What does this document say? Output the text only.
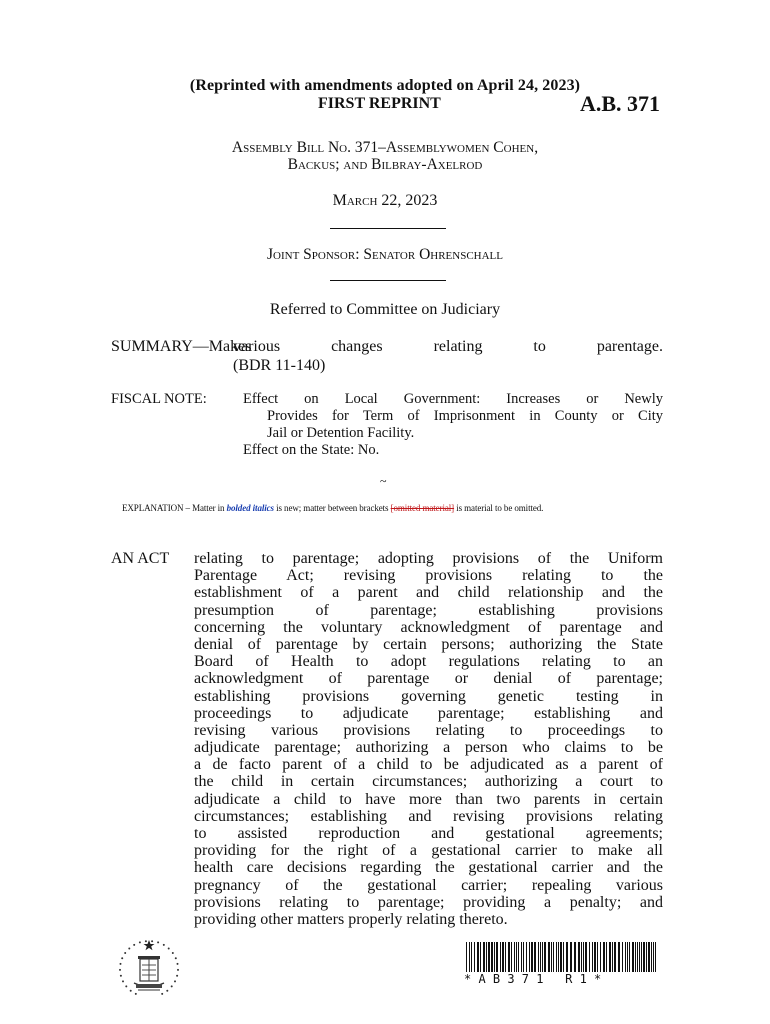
(Reprinted with amendments adopted on April 24, 2023)
FIRST REPRINT	A.B. 371
Assembly Bill No. 371–Assemblywomen Cohen,
Backus; and Bilbray-Axelrod
March 22, 2023
Joint Sponsor: Senator Ohrenschall
Referred to Committee on Judiciary
SUMMARY—Makes
various changes relating to parentage.
(BDR 11-140)
FISCAL NOTE:	Effect on Local Government: Increases or Newly
Provides for Term of Imprisonment in County or City
Jail or Detention Facility.
Effect on the State: No.
~
EXPLANATION – Matter in bolded italics is new; matter between brackets [omitted material] is material to be omitted.
AN ACT relating to parentage; adopting provisions of the Uniform
Parentage Act; revising provisions relating to the
establishment of a parent and child relationship and the
presumption of parentage; establishing provisions
concerning the voluntary acknowledgment of parentage and
denial of parentage by certain persons; authorizing the State
Board of Health to adopt regulations relating to an
acknowledgment of parentage or denial of parentage;
establishing provisions governing genetic testing in
proceedings to adjudicate parentage; establishing and
revising various provisions relating to proceedings to
adjudicate parentage; authorizing a person who claims to be
a de facto parent of a child to be adjudicated as a parent of
the child in certain circumstances; authorizing a court to
adjudicate a child to have more than two parents in certain
circumstances; establishing and revising provisions relating
to assisted reproduction and gestational agreements;
providing for the right of a gestational carrier to make all
health care decisions regarding the gestational carrier and the
pregnancy of the gestational carrier; repealing various
provisions relating to parentage; providing a penalty; and
providing other matters properly relating thereto.
* A B 3 7 1   R 1 *
